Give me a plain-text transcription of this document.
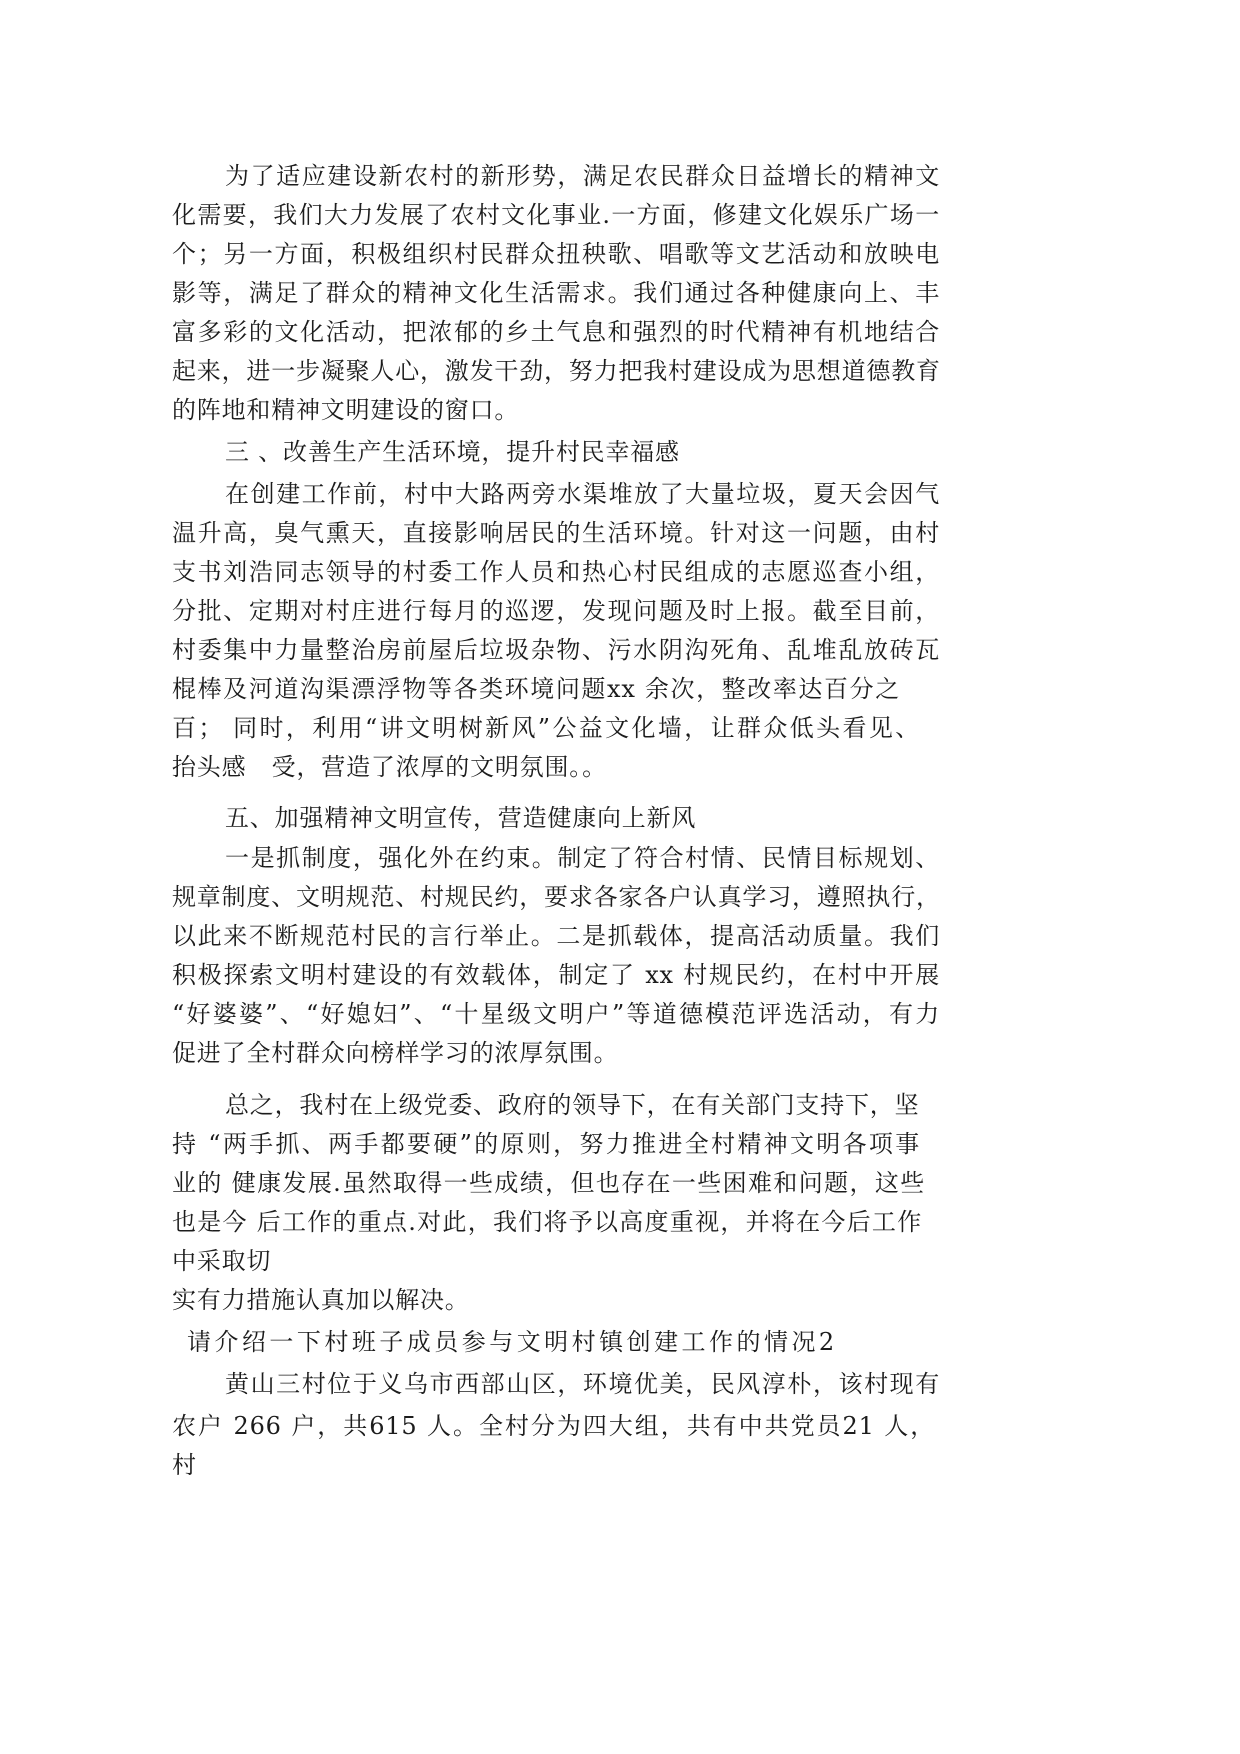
为了适应建设新农村的新形势，满足农民群众日益增长的精神文
化需要，我们大力发展了农村文化事业.一方面，修建文化娱乐广场一
个；另一方面，积极组织村民群众扭秧歌、唱歌等文艺活动和放映电
影等，满足了群众的精神文化生活需求。我们通过各种健康向上、丰
富多彩的文化活动，把浓郁的乡土气息和强烈的时代精神有机地结合
起来，进一步凝聚人心，激发干劲，努力把我村建设成为思想道德教育
的阵地和精神文明建设的窗口。
三 、改善生产生活环境，提升村民幸福感
在创建工作前，村中大路两旁水渠堆放了大量垃圾，夏天会因气
温升高，臭气熏天，直接影响居民的生活环境。针对这一问题，由村
支书刘浩同志领导的村委工作人员和热心村民组成的志愿巡查小组，
分批、定期对村庄进行每月的巡逻，发现问题及时上报。截至目前，
村委集中力量整治房前屋后垃圾杂物、污水阴沟死角、乱堆乱放砖瓦
棍棒及河道沟渠漂浮物等各类环境问题xx 余次，整改率达百分之
百； 同时，利用“讲文明树新风”公益文化墙，让群众低头看见、
抬头感   受，营造了浓厚的文明氛围。。
五、加强精神文明宣传，营造健康向上新风
一是抓制度，强化外在约束。制定了符合村情、民情目标规划、
规章制度、文明规范、村规民约，要求各家各户认真学习，遵照执行，
以此来不断规范村民的言行举止。二是抓载体，提高活动质量。我们
积极探索文明村建设的有效载体，制定了 xx 村规民约，在村中开展
“好婆婆”、“好媳妇”、“十星级文明户”等道德模范评选活动，有力
促进了全村群众向榜样学习的浓厚氛围。
总之，我村在上级党委、政府的领导下，在有关部门支持下，坚
持 “两手抓、两手都要硬”的原则，努力推进全村精神文明各项事
业的 健康发展.虽然取得一些成绩，但也存在一些困难和问题，这些
也是今 后工作的重点.对此，我们将予以高度重视，并将在今后工作
中采取切
实有力措施认真加以解决。
请介绍一下村班子成员参与文明村镇创建工作的情况2
黄山三村位于义乌市西部山区，环境优美，民风淳朴，该村现有
农户 266 户，共615 人。全村分为四大组，共有中共党员21 人，
村
